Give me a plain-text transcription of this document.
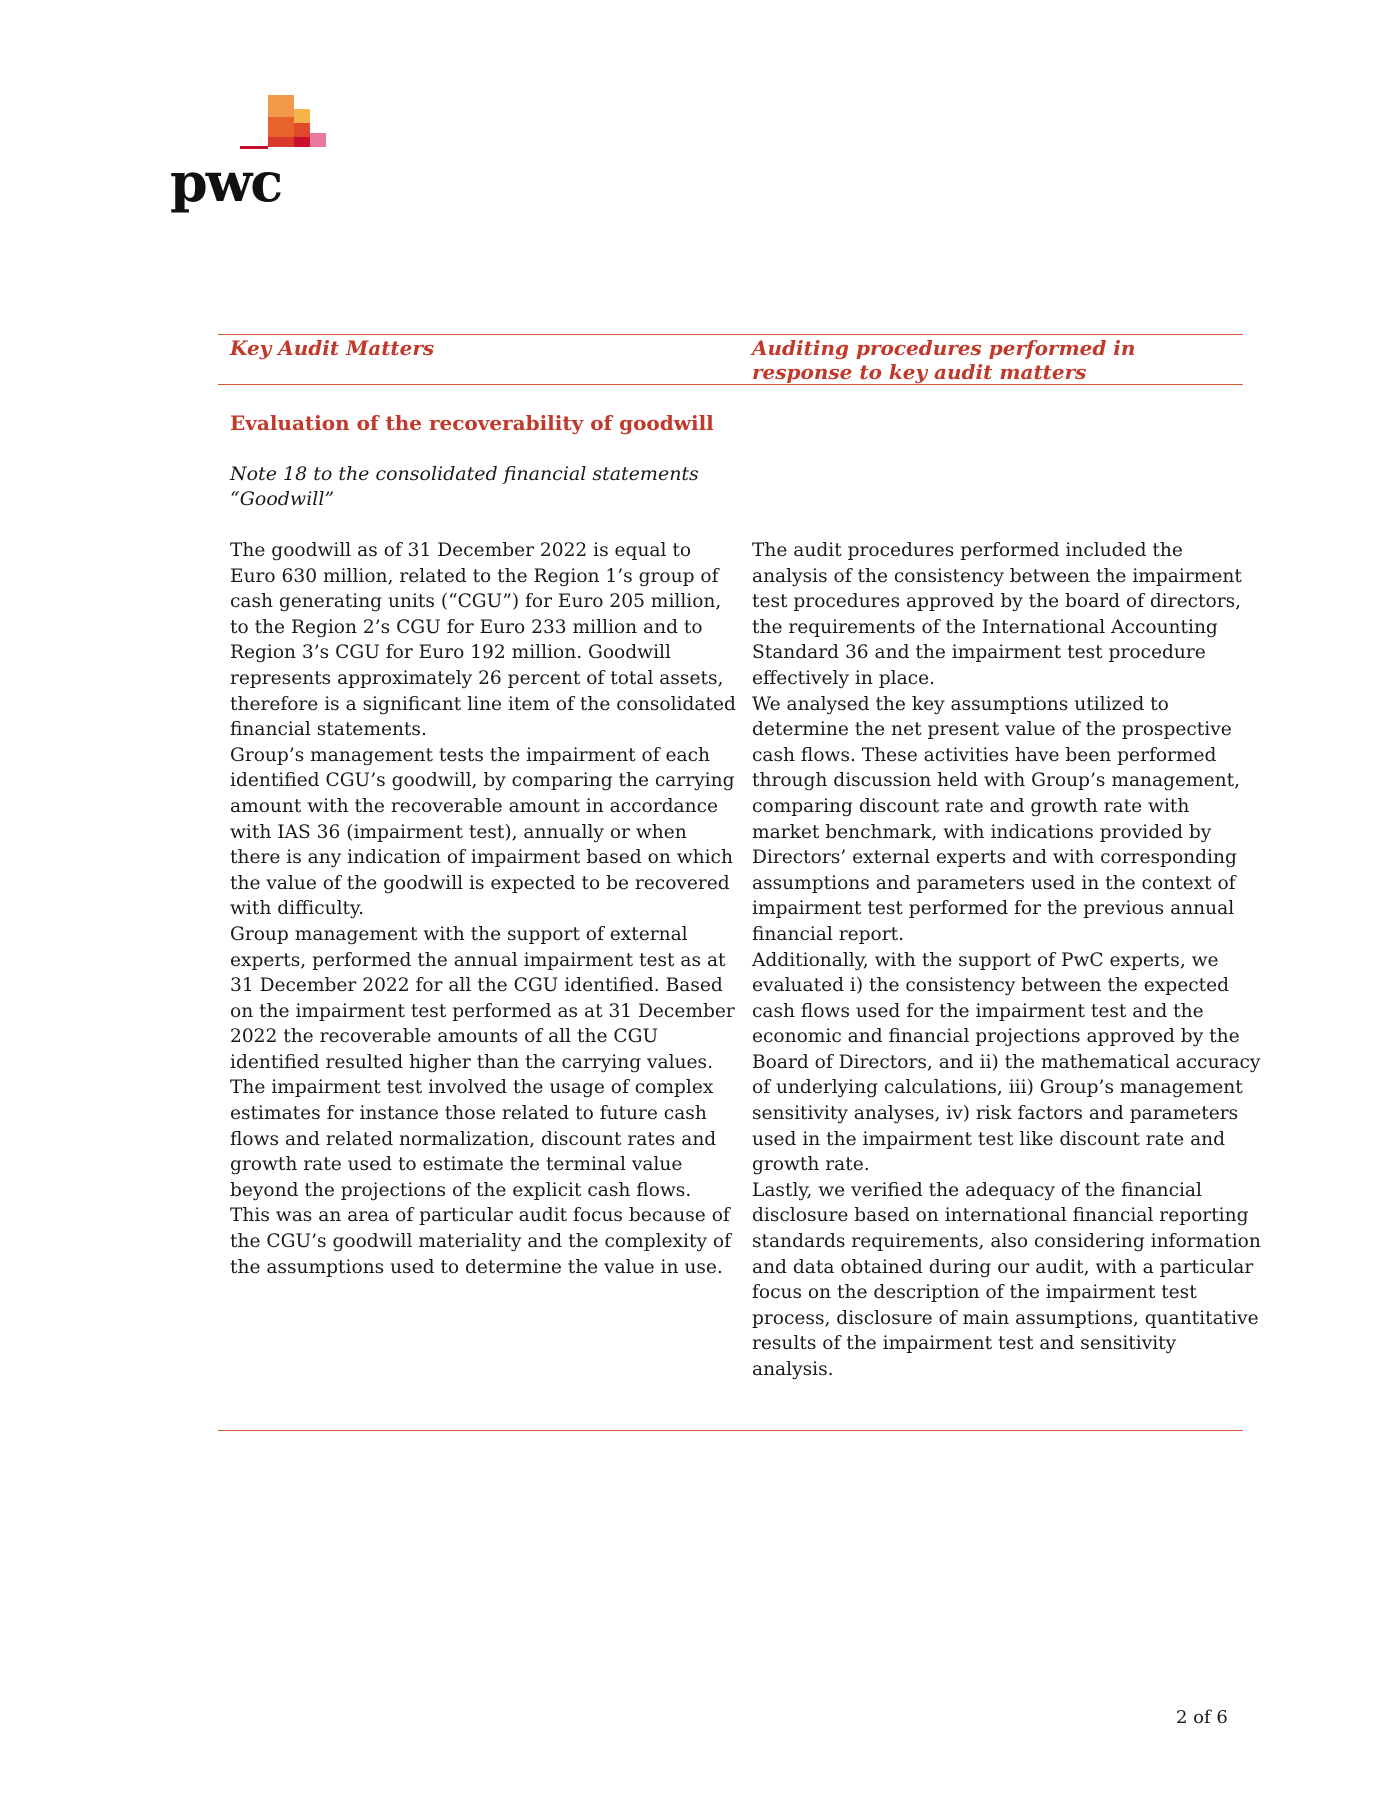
pwc
Key Audit Matters	Auditing procedures performed in response to key audit matters
Evaluation of the recoverability of goodwill
Note 18 to the consolidated financial statements
“Goodwill”

The goodwill as of 31 December 2022 is equal to Euro 630 million, related to the Region 1’s group of cash generating units (“CGU”) for Euro 205 million, to the Region 2’s CGU for Euro 233 million and to Region 3’s CGU for Euro 192 million. Goodwill represents approximately 26 percent of total assets, therefore is a significant line item of the consolidated financial statements.

Group’s management tests the impairment of each identified CGU’s goodwill, by comparing the carrying amount with the recoverable amount in accordance with IAS 36 (impairment test), annually or when there is any indication of impairment based on which the value of the goodwill is expected to be recovered with difficulty.

Group management with the support of external experts, performed the annual impairment test as at 31 December 2022 for all the CGU identified. Based on the impairment test performed as at 31 December 2022 the recoverable amounts of all the CGU identified resulted higher than the carrying values.

The impairment test involved the usage of complex estimates for instance those related to future cash flows and related normalization, discount rates and growth rate used to estimate the terminal value beyond the projections of the explicit cash flows.

This was an area of particular audit focus because of the CGU’s goodwill materiality and the complexity of the assumptions used to determine the value in use.

The audit procedures performed included the analysis of the consistency between the impairment test procedures approved by the board of directors, the requirements of the International Accounting Standard 36 and the impairment test procedure effectively in place.

We analysed the key assumptions utilized to determine the net present value of the prospective cash flows. These activities have been performed through discussion held with Group’s management, comparing discount rate and growth rate with market benchmark, with indications provided by Directors’ external experts and with corresponding assumptions and parameters used in the context of impairment test performed for the previous annual financial report.

Additionally, with the support of PwC experts, we evaluated i) the consistency between the expected cash flows used for the impairment test and the economic and financial projections approved by the Board of Directors, and ii) the mathematical accuracy of underlying calculations, iii) Group’s management sensitivity analyses, iv) risk factors and parameters used in the impairment test like discount rate and growth rate.

Lastly, we verified the adequacy of the financial disclosure based on international financial reporting standards requirements, also considering information and data obtained during our audit, with a particular focus on the description of the impairment test process, disclosure of main assumptions, quantitative results of the impairment test and sensitivity analysis.

2 of 6
